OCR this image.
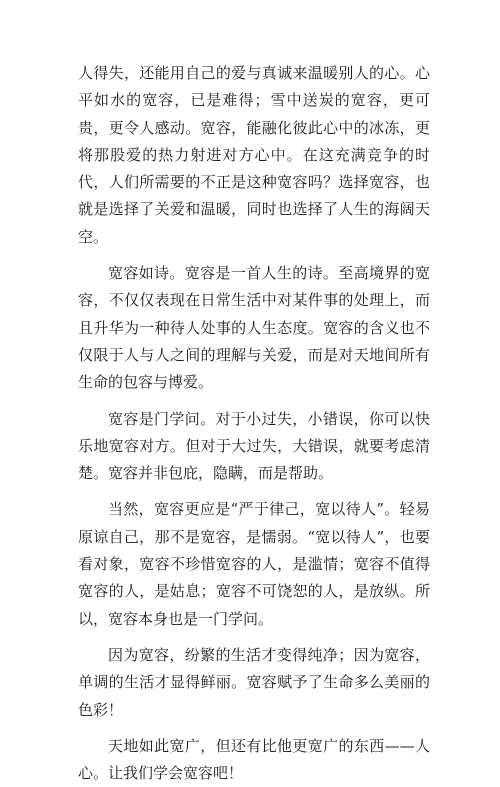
人得失，还能用自己的爱与真诚来温暖别人的心。心平如水的宽容，已是难得；雪中送炭的宽容，更可贵，更令人感动。宽容，能融化彼此心中的冰冻，更将那股爱的热力射进对方心中。在这充满竞争的时代，人们所需要的不正是这种宽容吗？选择宽容，也就是选择了关爱和温暖，同时也选择了人生的海阔天空。

宽容如诗。宽容是一首人生的诗。至高境界的宽容，不仅仅表现在日常生活中对某件事的处理上，而且升华为一种待人处事的人生态度。宽容的含义也不仅限于人与人之间的理解与关爱，而是对天地间所有生命的包容与博爱。

宽容是门学问。对于小过失，小错误，你可以快乐地宽容对方。但对于大过失，大错误，就要考虑清楚。宽容并非包庇，隐瞒，而是帮助。

当然，宽容更应是“严于律己，宽以待人”。轻易原谅自己，那不是宽容，是懦弱。“宽以待人”，也要看对象，宽容不珍惜宽容的人，是滥情；宽容不值得宽容的人，是姑息；宽容不可饶恕的人，是放纵。所以，宽容本身也是一门学问。

因为宽容，纷繁的生活才变得纯净；因为宽容，单调的生活才显得鲜丽。宽容赋予了生命多么美丽的色彩！

天地如此宽广，但还有比他更宽广的东西——人心。让我们学会宽容吧！
